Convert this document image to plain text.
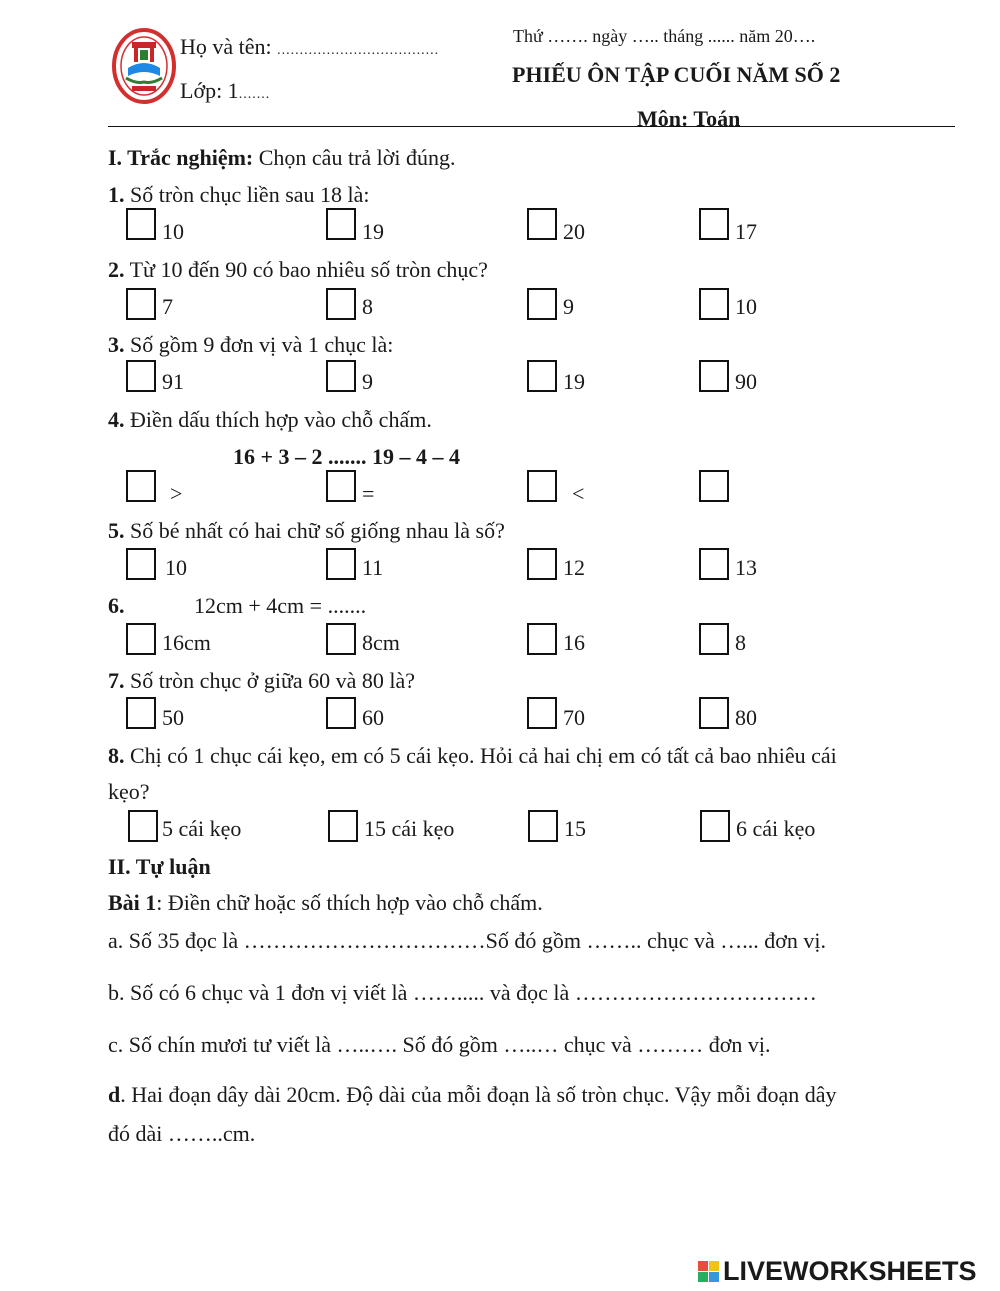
Họ và tên: ....................................
Lớp: 1.......
Thứ ……. ngày ….. tháng ...... năm 20….
PHIẾU ÔN TẬP CUỐI NĂM SỐ 2
Môn: Toán
I. Trắc nghiệm: Chọn câu trả lời đúng.
1. Số tròn chục liền sau 18 là:
10	19	20	17
2. Từ 10 đến 90 có bao nhiêu số tròn chục?
7	8	9	10
3. Số gồm 9 đơn vị và 1 chục là:
91	9	19	90
4. Điền dấu thích hợp vào chỗ chấm.
16 + 3 – 2 ....... 19 – 4 – 4
>	=	<
5. Số bé nhất có hai chữ số giống nhau là số?
10	11	12	13
6.	12cm + 4cm = .......
16cm	8cm	16	8
7. Số tròn chục ở giữa 60 và 80 là?
50	60	70	80
8. Chị có 1 chục cái kẹo, em có 5 cái kẹo. Hỏi cả hai chị em có tất cả bao nhiêu cái
kẹo?
5 cái kẹo	15 cái kẹo	15	6 cái kẹo
II. Tự luận
Bài 1: Điền chữ hoặc số thích hợp vào chỗ chấm.
a. Số 35 đọc là ……………………………Số đó gồm …….. chục và …... đơn vị.
b. Số có 6 chục và 1 đơn vị viết là ……..... và đọc là ……………………………
c. Số chín mươi tư viết là …..…. Số đó gồm …..… chục và ……… đơn vị.
d. Hai đoạn dây dài 20cm. Độ dài của mỗi đoạn là số tròn chục. Vậy mỗi đoạn dây
đó dài ……..cm.
LIVEWORKSHEETS
